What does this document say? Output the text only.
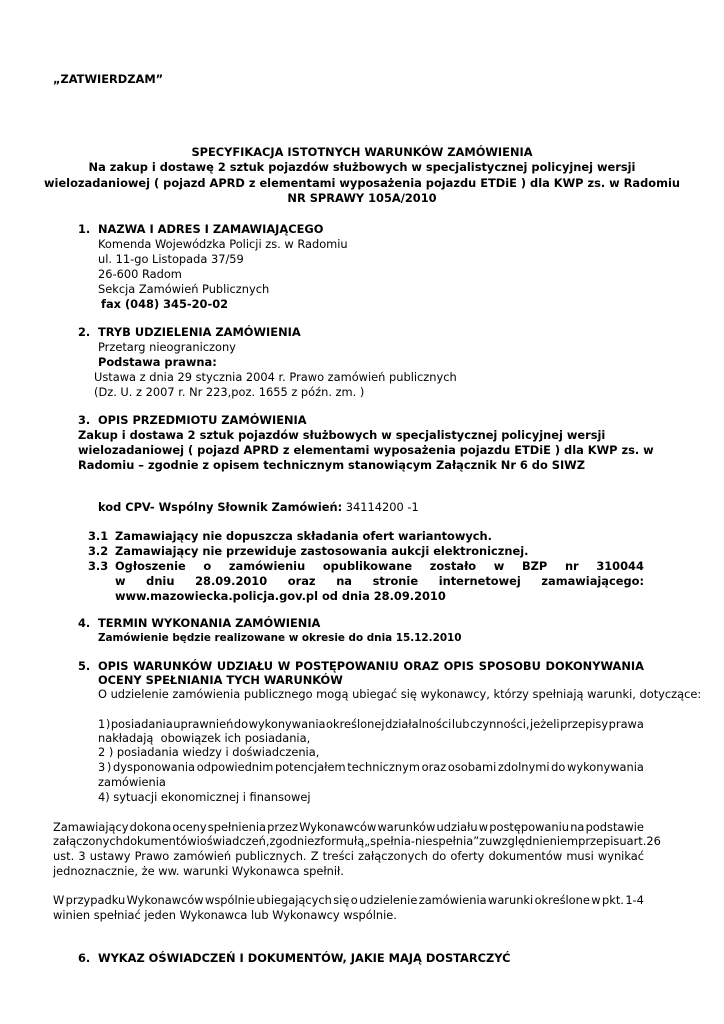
„ZATWIERDZAM”
SPECYFIKACJA ISTOTNYCH WARUNKÓW ZAMÓWIENIA
Na zakup i dostawę 2 sztuk pojazdów służbowych w specjalistycznej policyjnej wersji
wielozadaniowej ( pojazd APRD z elementami wyposażenia pojazdu ETDiE ) dla KWP zs. w Radomiu
NR SPRAWY 105A/2010
1. NAZWA I ADRES I ZAMAWIAJĄCEGO
Komenda Wojewódzka Policji zs. w Radomiu
ul. 11-go Listopada 37/59
26-600 Radom
Sekcja Zamówień Publicznych
fax (048) 345-20-02
2. TRYB UDZIELENIA ZAMÓWIENIA
Przetarg nieograniczony
Podstawa prawna:
Ustawa z dnia 29 stycznia 2004 r. Prawo zamówień publicznych
(Dz. U. z 2007 r. Nr 223,poz. 1655 z późn. zm. )
3. OPIS PRZEDMIOTU ZAMÓWIENIA
Zakup i dostawa 2 sztuk pojazdów służbowych w specjalistycznej policyjnej wersji
wielozadaniowej ( pojazd APRD z elementami wyposażenia pojazdu ETDiE ) dla KWP zs. w
Radomiu – zgodnie z opisem technicznym stanowiącym Załącznik Nr 6 do SIWZ
kod CPV- Wspólny Słownik Zamówień: 34114200 -1
3.1 Zamawiający nie dopuszcza składania ofert wariantowych.
3.2 Zamawiający nie przewiduje zastosowania aukcji elektronicznej.
3.3 Ogłoszenie o zamówieniu opublikowane zostało w BZP nr 310044
w dniu 28.09.2010 oraz na stronie internetowej zamawiającego:
www.mazowiecka.policja.gov.pl od dnia 28.09.2010
4. TERMIN WYKONANIA ZAMÓWIENIA
Zamówienie będzie realizowane w okresie do dnia 15.12.2010
5. OPIS WARUNKÓW UDZIAŁU W POSTĘPOWANIU ORAZ OPIS SPOSOBU DOKONYWANIA
OCENY SPEŁNIANIA TYCH WARUNKÓW
O udzielenie zamówienia publicznego mogą ubiegać się wykonawcy, którzy spełniają warunki, dotyczące:
1 ) posiadania uprawnień do wykonywania określonej działalności lub czynności, jeżeli przepisy prawa
nakładają  obowiązek ich posiadania,
2 ) posiadania wiedzy i doświadczenia,
3 ) dysponowania odpowiednim potencjałem technicznym oraz osobami zdolnymi do wykonywania
zamówienia
4) sytuacji ekonomicznej i finansowej
Zamawiający dokona oceny spełnienia przez Wykonawców warunków udziału w postępowaniu na podstawie
załączonych dokumentów i oświadczeń, zgodnie z formułą „spełnia-nie spełnia” z uwzględnieniem przepisu art. 26
ust. 3 ustawy Prawo zamówień publicznych. Z treści załączonych do oferty dokumentów musi wynikać
jednoznacznie, że ww. warunki Wykonawca spełnił.
W przypadku Wykonawców wspólnie ubiegających się o udzielenie zamówienia warunki określone w pkt. 1-4
winien spełniać jeden Wykonawca lub Wykonawcy wspólnie.
6. WYKAZ OŚWIADCZEŃ I DOKUMENTÓW, JAKIE MAJĄ DOSTARCZYĆ
